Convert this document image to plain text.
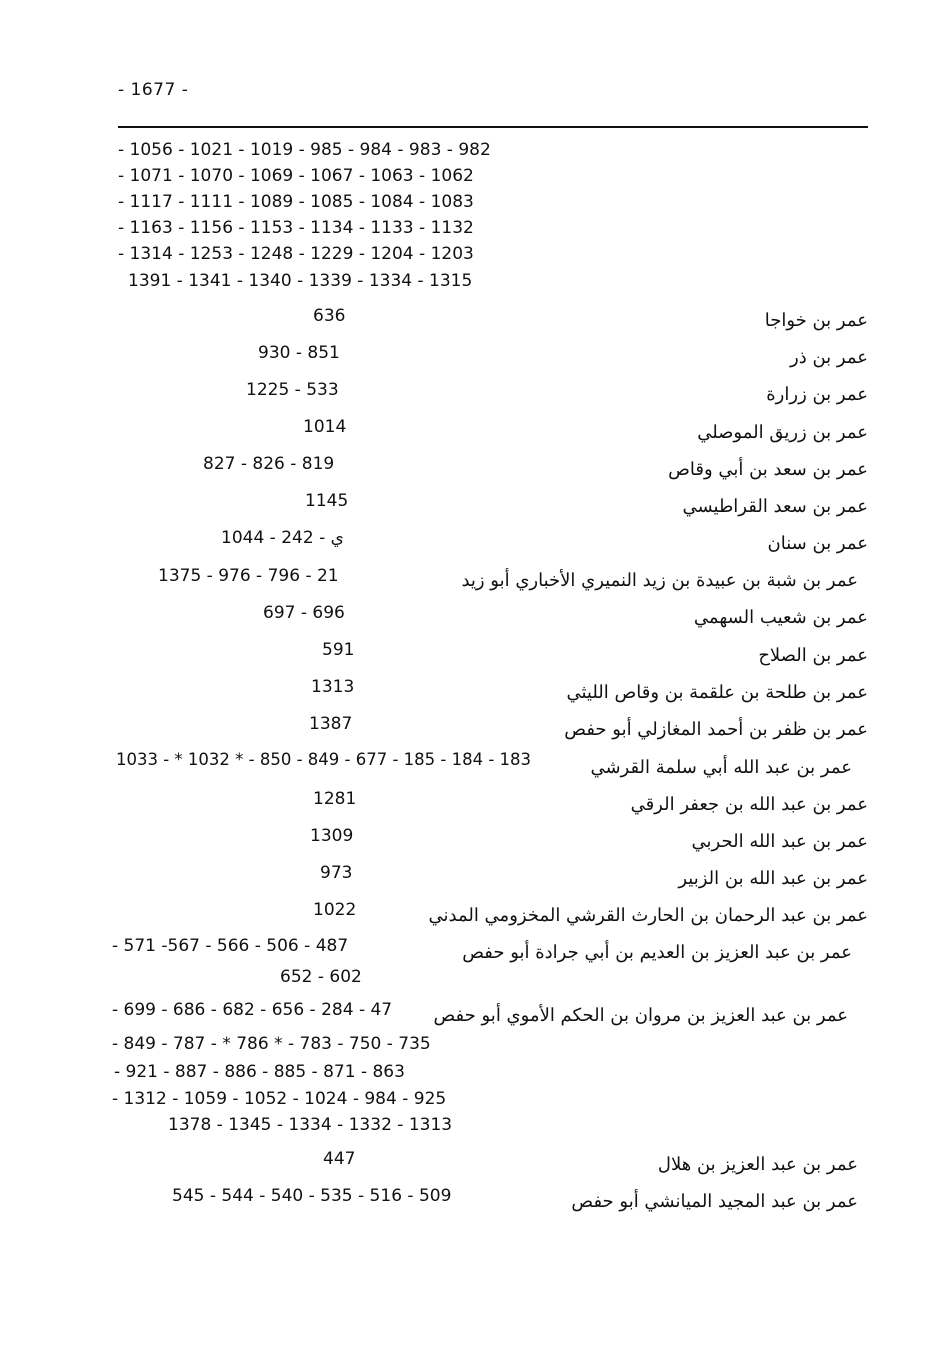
- 1677 -
- 1056 - 1021 - 1019 - 985 - 984 - 983 - 982
- 1071 - 1070 - 1069 - 1067 - 1063 - 1062
- 1117 - 1111 - 1089 - 1085 - 1084 - 1083
- 1163 - 1156 - 1153 - 1134 - 1133 - 1132
- 1314 - 1253 - 1248 - 1229 - 1204 - 1203
1391 - 1341 - 1340 - 1339 - 1334 - 1315
عمر بن خواجا
636
عمر بن ذر
930 - 851
عمر بن زرارة
1225 - 533
عمر بن زريق الموصلي
1014
عمر بن سعد بن أبي وقاص
827 - 826 - 819
عمر بن سعد القراطيسي
1145
عمر بن سنان
ي - 242 - 1044
عمر بن شبة بن عبيدة بن زيد النميري الأخباري أبو زيد
1375 - 976 - 796 - 21
عمر بن شعيب السهمي
697 - 696
عمر بن الصلاح
591
عمر بن طلحة بن علقمة بن وقاص الليثي
1313
عمر بن ظفر بن أحمد المغازلي أبو حفص
1387
عمر بن عبد الله أبي سلمة القرشي
1033 - * 1032 * - 850 - 849 - 677 - 185 - 184 - 183
عمر بن عبد الله بن جعفر الرقي
1281
عمر بن عبد الله الحربي
1309
عمر بن عبد الله بن الزبير
973
عمر بن عبد الرحمان بن الحارث القرشي المخزومي المدني
1022
عمر بن عبد العزيز بن العديم بن أبي جرادة أبو حفص
- 571 -567 - 566 - 506 - 487
652 - 602
عمر بن عبد العزيز بن مروان بن الحكم الأموي أبو حفص
- 699 - 686 - 682 - 656 - 284 - 47
- 849 - 787 - * 786 * - 783 - 750 - 735
- 921 - 887 - 886 - 885 - 871 - 863
- 1312 - 1059 - 1052 - 1024 - 984 - 925
1378 - 1345 - 1334 - 1332 - 1313
عمر بن عبد العزيز بن هلال
447
عمر بن عبد المجيد الميانشي أبو حفص
545 - 544 - 540 - 535 - 516 - 509
